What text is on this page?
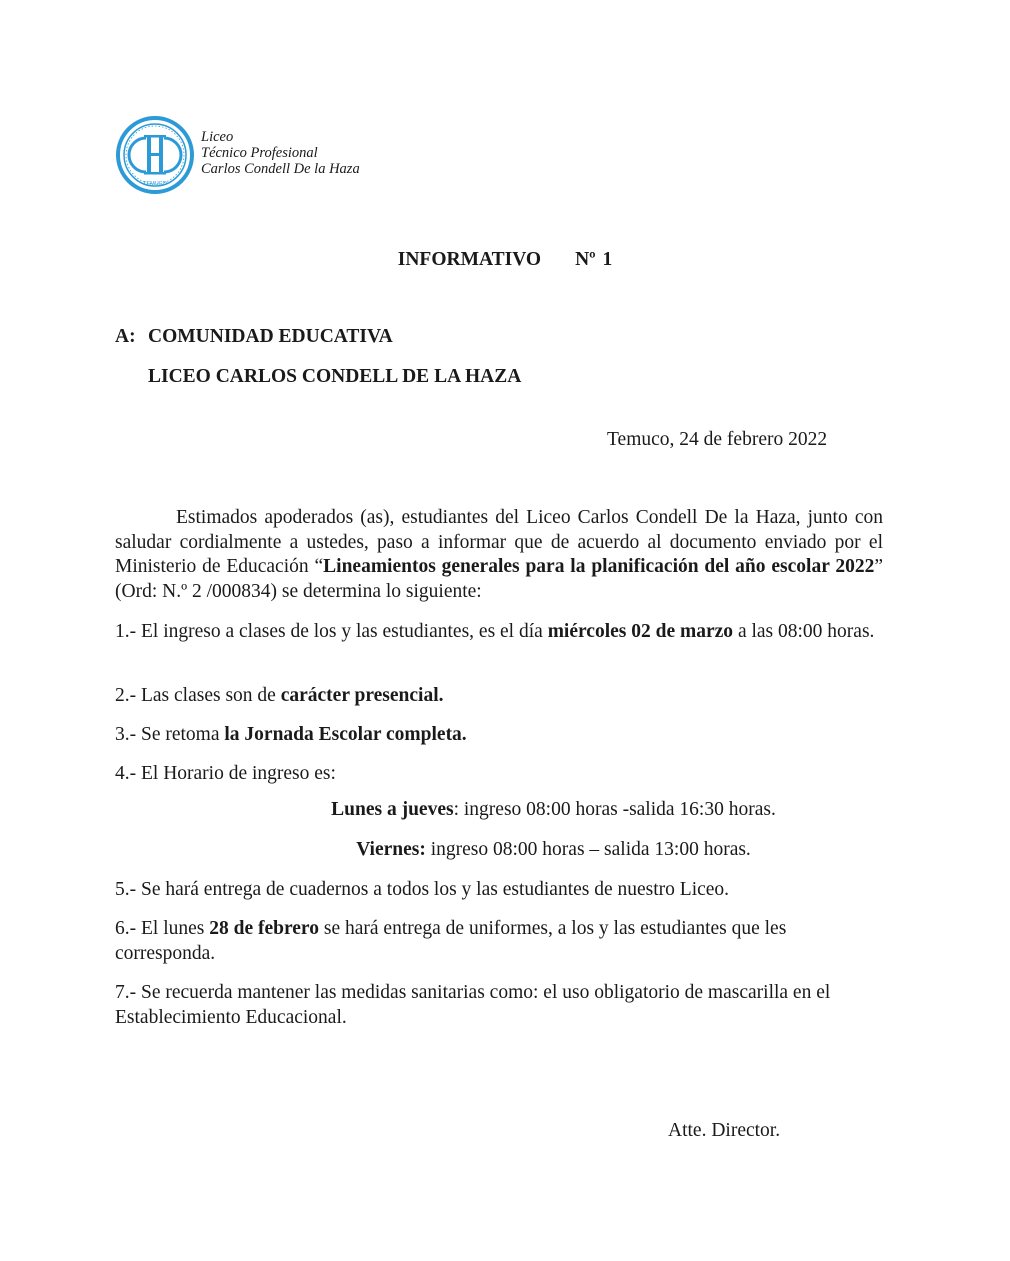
TEMUCO
Liceo
Técnico Profesional
Carlos Condell De la Haza
INFORMATIVO Nº 1
A: COMUNIDAD EDUCATIVA
LICEO CARLOS CONDELL DE LA HAZA
Temuco, 24 de febrero 2022
Estimados apoderados (as), estudiantes del Liceo Carlos Condell De la Haza, junto con saludar cordialmente a ustedes, paso a informar que de acuerdo al documento enviado por el Ministerio de Educación “Lineamientos generales para la planificación del año escolar 2022” (Ord: N.º 2 /000834) se determina lo siguiente:
1.- El ingreso a clases de los y las estudiantes, es el día miércoles 02 de marzo a las 08:00 horas.
2.- Las clases son de carácter presencial.
3.- Se retoma la Jornada Escolar completa.
4.- El Horario de ingreso es:
Lunes a jueves: ingreso 08:00 horas -salida 16:30 horas.
Viernes: ingreso 08:00 horas – salida 13:00 horas.
5.- Se hará entrega de cuadernos a todos los y las estudiantes de nuestro Liceo.
6.- El lunes 28 de febrero se hará entrega de uniformes, a los y las estudiantes que les corresponda.
7.- Se recuerda mantener las medidas sanitarias como: el uso obligatorio de mascarilla en el Establecimiento Educacional.
Atte. Director.
